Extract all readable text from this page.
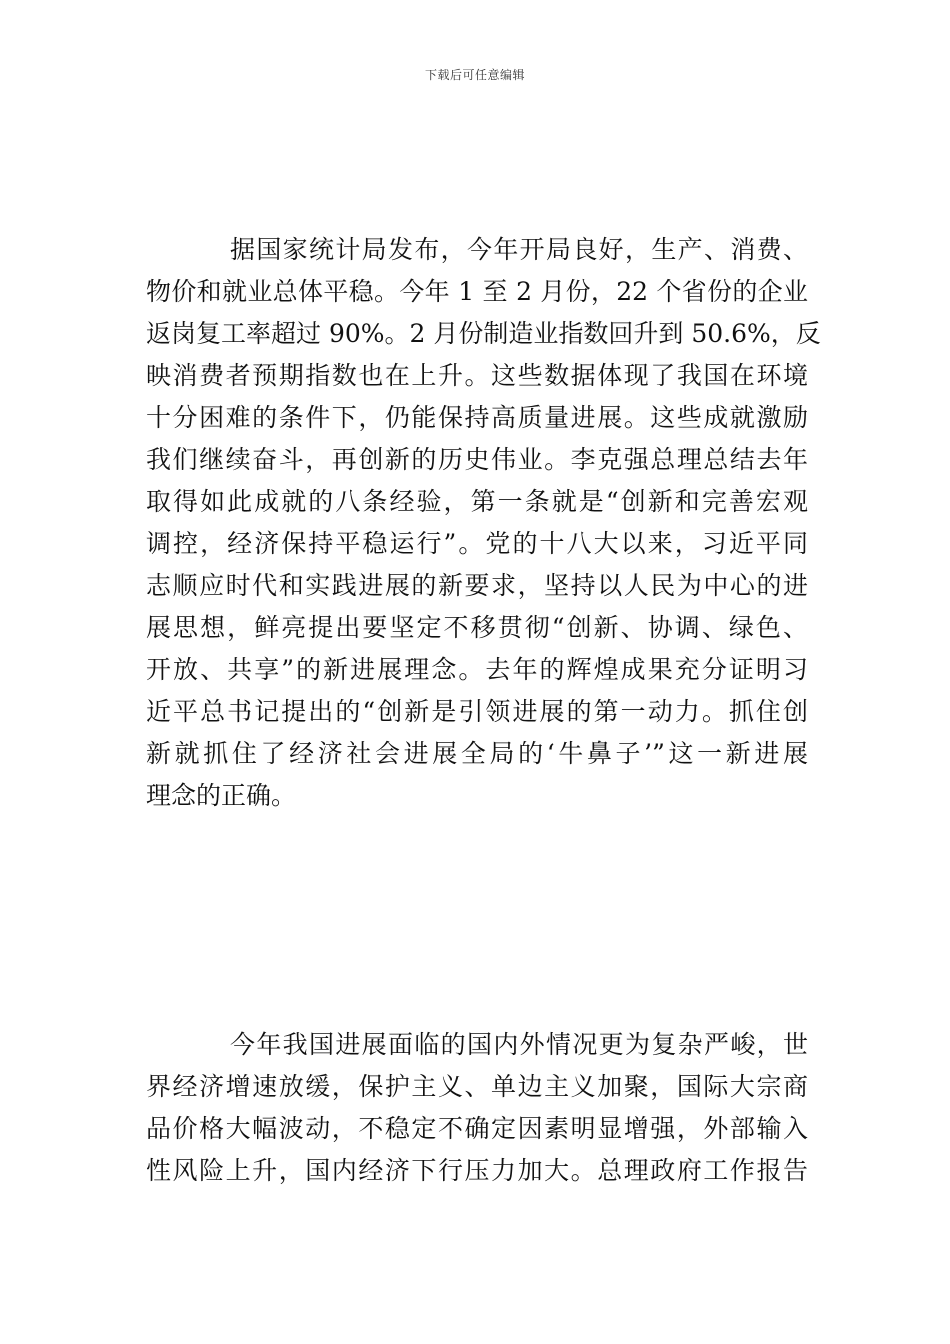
下载后可任意编辑
据国家统计局发布，今年开局良好，生产、消费、
物价和就业总体平稳。今年 1 至 2 月份，22 个省份的企业
返岗复工率超过 90%。2 月份制造业指数回升到 50.6%，反
映消费者预期指数也在上升。这些数据体现了我国在环境
十分困难的条件下，仍能保持高质量进展。这些成就激励
我们继续奋斗，再创新的历史伟业。李克强总理总结去年
取得如此成就的八条经验，第一条就是“创新和完善宏观
调控，经济保持平稳运行”。党的十八大以来，习近平同
志顺应时代和实践进展的新要求，坚持以人民为中心的进
展思想，鲜亮提出要坚定不移贯彻“创新、协调、绿色、
开放、共享”的新进展理念。去年的辉煌成果充分证明习
近平总书记提出的“创新是引领进展的第一动力。抓住创
新就抓住了经济社会进展全局的‘牛鼻子’”这一新进展
理念的正确。
今年我国进展面临的国内外情况更为复杂严峻，世
界经济增速放缓，保护主义、单边主义加聚，国际大宗商
品价格大幅波动，不稳定不确定因素明显增强，外部输入
性风险上升，国内经济下行压力加大。总理政府工作报告
